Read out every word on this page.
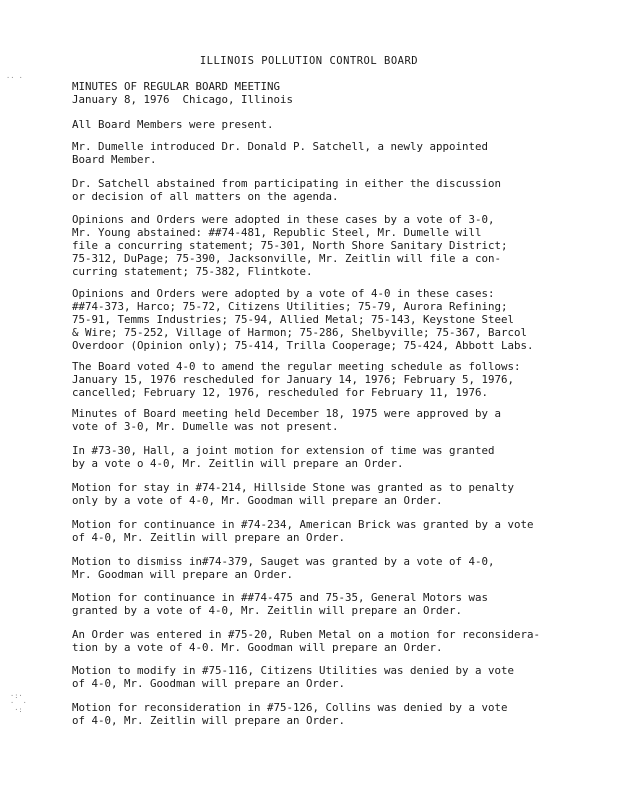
ILLINOIS POLLUTION CONTROL BOARD
MINUTES OF REGULAR BOARD MEETING
January 8, 1976  Chicago, Illinois
All Board Members were present.
Mr. Dumelle introduced Dr. Donald P. Satchell, a newly appointed
Board Member.
Dr. Satchell abstained from participating in either the discussion
or decision of all matters on the agenda.
Opinions and Orders were adopted in these cases by a vote of 3-0,
Mr. Young abstained: ##74-481, Republic Steel, Mr. Dumelle will
file a concurring statement; 75-301, North Shore Sanitary District;
75-312, DuPage; 75-390, Jacksonville, Mr. Zeitlin will file a con-
curring statement; 75-382, Flintkote.
Opinions and Orders were adopted by a vote of 4-0 in these cases:
##74-373, Harco; 75-72, Citizens Utilities; 75-79, Aurora Refining;
75-91, Temms Industries; 75-94, Allied Metal; 75-143, Keystone Steel
& Wire; 75-252, Village of Harmon; 75-286, Shelbyville; 75-367, Barcol
Overdoor (Opinion only); 75-414, Trilla Cooperage; 75-424, Abbott Labs.
The Board voted 4-0 to amend the regular meeting schedule as follows:
January 15, 1976 rescheduled for January 14, 1976; February 5, 1976,
cancelled; February 12, 1976, rescheduled for February 11, 1976.
Minutes of Board meeting held December 18, 1975 were approved by a
vote of 3-0, Mr. Dumelle was not present.
In #73-30, Hall, a joint motion for extension of time was granted
by a vote o 4-0, Mr. Zeitlin will prepare an Order.
Motion for stay in #74-214, Hillside Stone was granted as to penalty
only by a vote of 4-0, Mr. Goodman will prepare an Order.
Motion for continuance in #74-234, American Brick was granted by a vote
of 4-0, Mr. Zeitlin will prepare an Order.
Motion to dismiss in#74-379, Sauget was granted by a vote of 4-0,
Mr. Goodman will prepare an Order.
Motion for continuance in ##74-475 and 75-35, General Motors was
granted by a vote of 4-0, Mr. Zeitlin will prepare an Order.
An Order was entered in #75-20, Ruben Metal on a motion for reconsidera-
tion by a vote of 4-0. Mr. Goodman will prepare an Order.
Motion to modify in #75-116, Citizens Utilities was denied by a vote
of 4-0, Mr. Goodman will prepare an Order.
Motion for reconsideration in #75-126, Collins was denied by a vote
of 4-0, Mr. Zeitlin will prepare an Order.
·· ·
·:·
·  ·
·:
